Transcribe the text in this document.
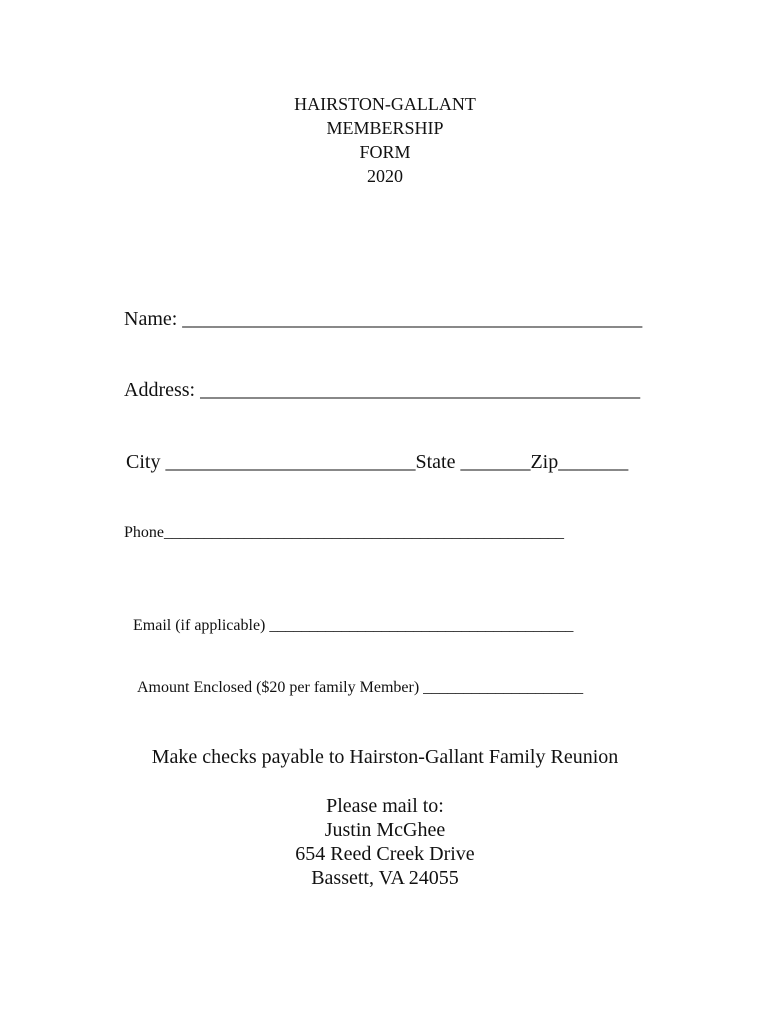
HAIRSTON-GALLANT
MEMBERSHIP
FORM
2020
Name: ______________________________________________
Address: ____________________________________________
City _________________________State _______Zip_______
Phone__________________________________________________
Email (if applicable) ______________________________________
Amount Enclosed ($20 per family Member) ____________________
Make checks payable to Hairston-Gallant Family Reunion
Please mail to:
Justin McGhee
654 Reed Creek Drive
Bassett, VA 24055
